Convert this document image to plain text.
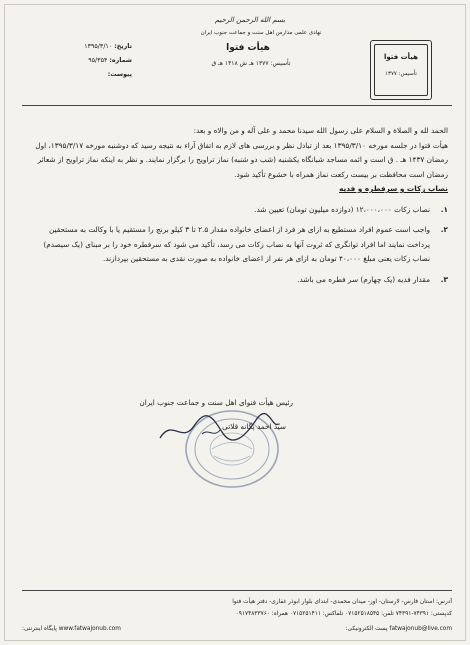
هیأت فتوا
تأسیس: ۱۳۷۷
بسم الله الرحمن الرحیم
نهادی علمی مدارس اهل سنت و جماعت جنوب ایران
هیأت فتوا
تأسیس: ۱۳۷۷ هـ ش ۱۴۱۸ هـ ق
تاریخ: ۱۳۹۵/۳/۱۰
شماره: ۹۵/۳۵۴
پیوست:

الحمد لله و الصلاة و السلام علی رسول الله سیدنا محمد و علی آله و من والاه و بعد:

هیأت فتوا در جلسه مورخه ۱۳۹۵/۳/۱۰ بعد از تبادل نظر و بررسی های لازم به اتفاق آراء به نتیجه رسید که دوشنبه مورخه ۱۳۹۵/۳/۱۷، اول رمضان ۱۴۳۷ هـ . ق است و ائمه مساجد شبانگاه یکشنبه (شب دو شنبه) نماز تراویح را برگزار نمایند. و نظر به اینکه نماز تراویح از شعائر رمضان است محافظت بر بیست رکعت نماز همراه با خشوع تأکید شود.

نصاب زکات و سرفطره و فدیه

۱.
نصاب زکات ۱۲،۰۰۰،۰۰۰ (دوازده میلیون تومان) تعیین شد.
۲.
واجب است عموم افراد مستطیع به ازای هر فرد از اعضای خانواده مقدار ۲.۵ تا ۳ کیلو برنج را مستقیم یا با وکالت به مستحقین پرداخت نمایند اما افراد توانگری که ثروت آنها به نصاب زکات می رسد، تأکید می شود که سرفطره خود را بر مبنای (یک سیصدم) نصاب زکات یعنی مبلغ ۴۰،۰۰۰ تومان به ازای هر نفر از اعضای خانواده به صورت نقدی به مستحقین بپردازند.
۳.
مقدار فدیه (یک چهارم) سر فطره می باشد.
رئیس هیأت فتوای اهل سنت و جماعت جنوب ایران
سیّد احمد یگانه قلاتی
آدرس: استان فارس- لارستان- اوز- میدان محمدی- ابتدای بلوار ابوذر غفاری- دفتر هیأت فتوا
کدپستی: ۷۴۳۹۱-۷۴۳۹۱ تلفن: ۰۷۱۵۲۵۱۸۵۴۵ تلفاکس: ۰۷۱۵۲۵۱۴۱۱ همراه: ۰۹۱۷۴۸۳۳۷۶۰
www.fatwajonub.com پایگاه اینترنتی:	fatwajonub@live.com پست الکترونیکی:
